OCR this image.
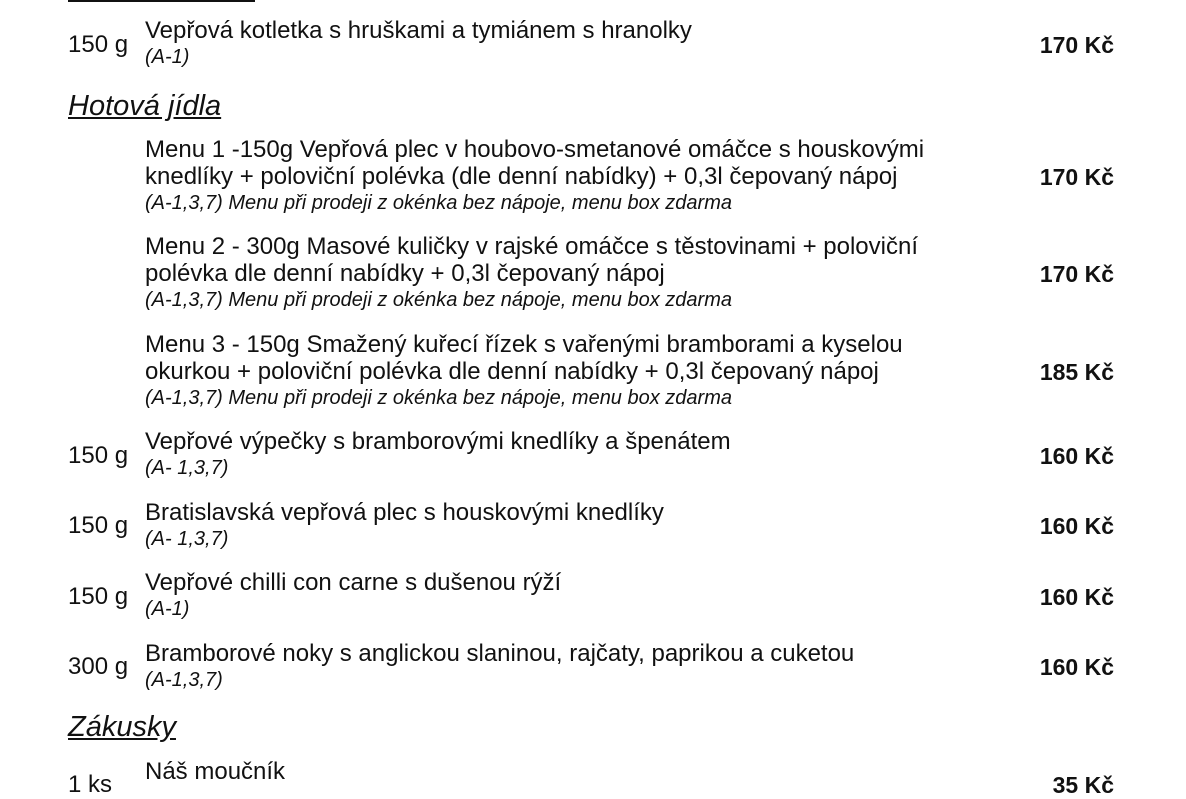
150 g
Vepřová kotletka s hruškami a tymiánem s hranolky
(A-1)	170 Kč
Hotová jídla
Menu 1 -150g Vepřová plec v houbovo-smetanové omáčce s houskovými
knedlíky + poloviční polévka (dle denní nabídky) + 0,3l čepovaný nápoj
(A-1,3,7) Menu při prodeji z okénka bez nápoje, menu box zdarma
170 Kč
Menu 2 - 300g Masové kuličky v rajské omáčce s těstovinami + poloviční
polévka dle denní nabídky + 0,3l čepovaný nápoj
(A-1,3,7) Menu při prodeji z okénka bez nápoje, menu box zdarma
170 Kč
Menu 3 - 150g Smažený kuřecí řízek s vařenými bramborami a kyselou
okurkou + poloviční polévka dle denní nabídky + 0,3l čepovaný nápoj
(A-1,3,7) Menu při prodeji z okénka bez nápoje, menu box zdarma
185 Kč
150 g
Vepřové výpečky s bramborovými knedlíky a špenátem
(A- 1,3,7)	160 Kč
150 g Bratislavská vepřová plec s houskovými knedlíky
(A- 1,3,7)	160 Kč
150 g
Vepřové chilli con carne s dušenou rýží
(A-1)	160 Kč
300 g Bramborové noky s anglickou slaninou, rajčaty, paprikou a cuketou
(A-1,3,7)	160 Kč
Zákusky
1 ks Náš moučník	35 Kč
